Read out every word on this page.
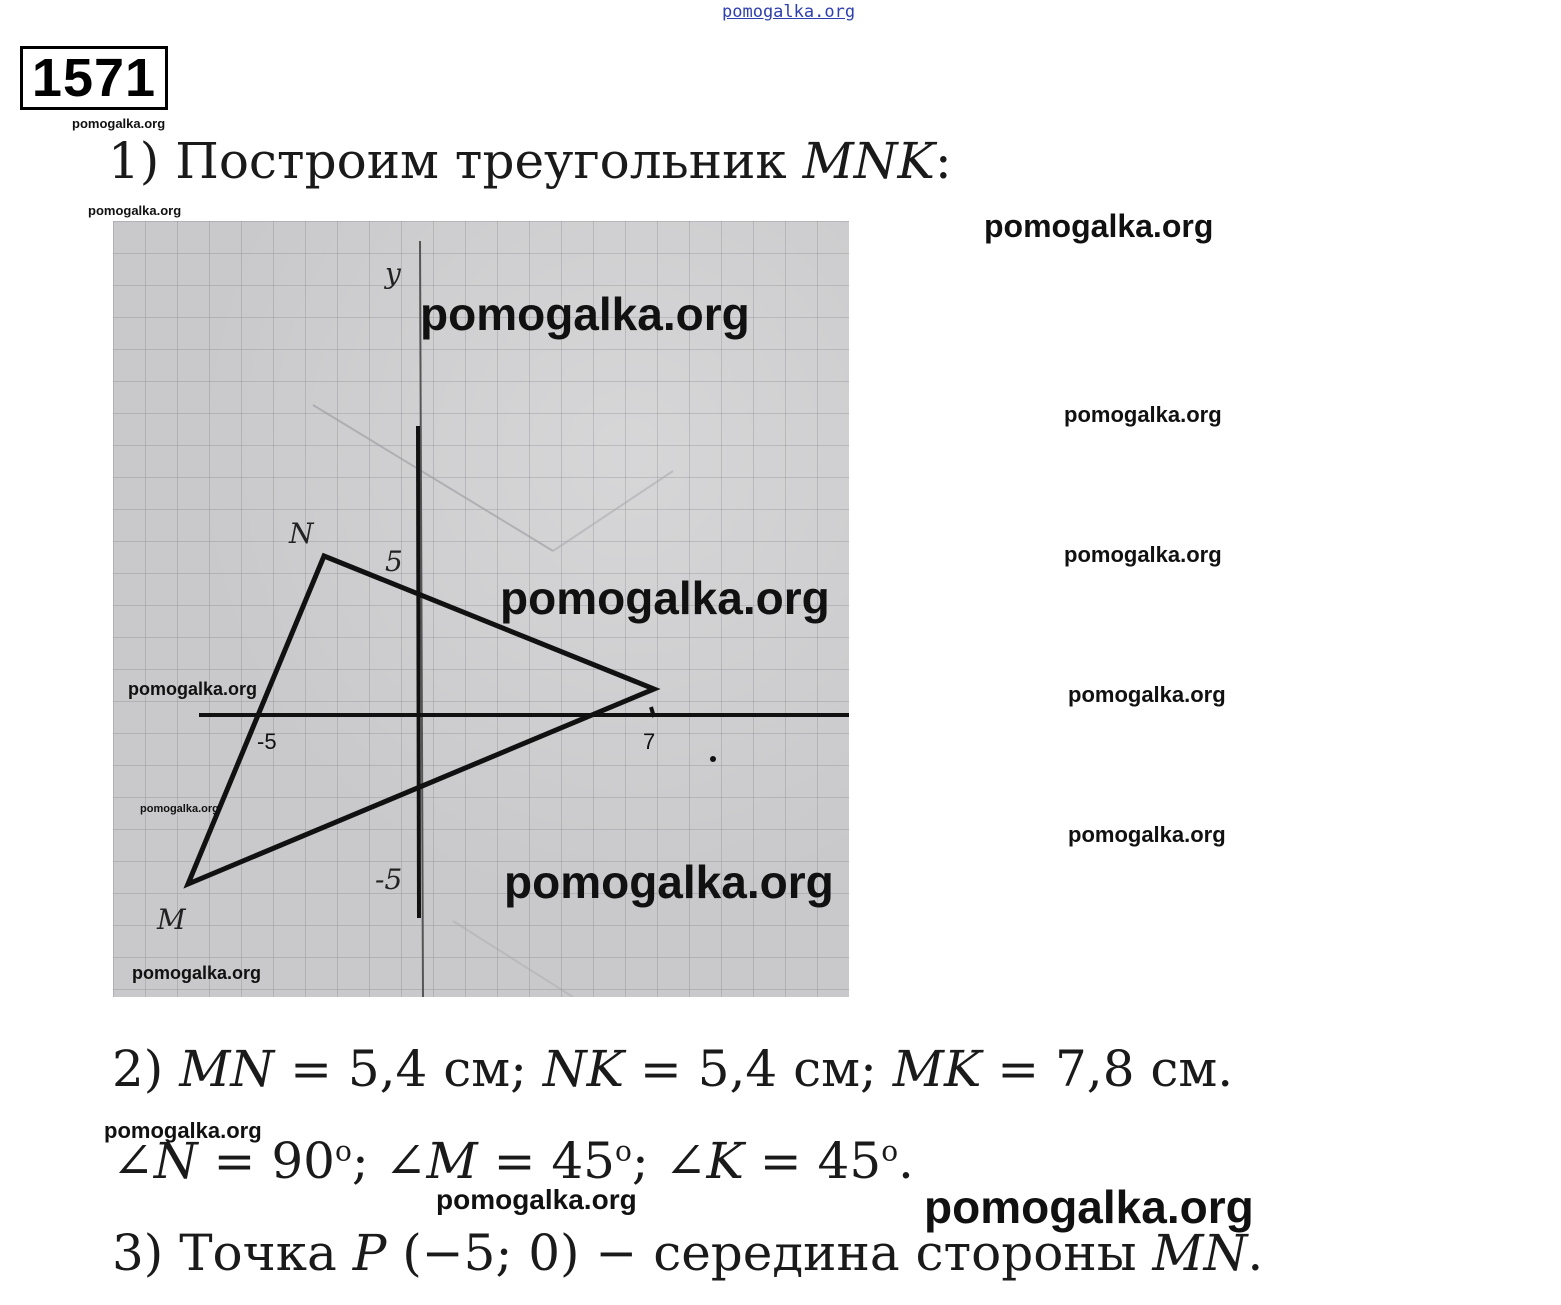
pomogalka.org
1571
pomogalka.org
1) Построим треугольник MNK:
pomogalka.org
y
-5	7
5
-5
N
M
pomogalka.org
pomogalka.org
pomogalka.org
pomogalka.org
pomogalka.org
pomogalka.org
pomogalka.org
pomogalka.org
pomogalka.org
pomogalka.org
pomogalka.org
2) MN = 5,4 см; NK = 5,4 см; MK = 7,8 см.
pomogalka.org
∠N = $90^o$; ∠M = $45^o$; ∠K = $45^o$.
pomogalka.org	pomogalka.org
3) Точка P (−5; 0) − середина стороны MN.
